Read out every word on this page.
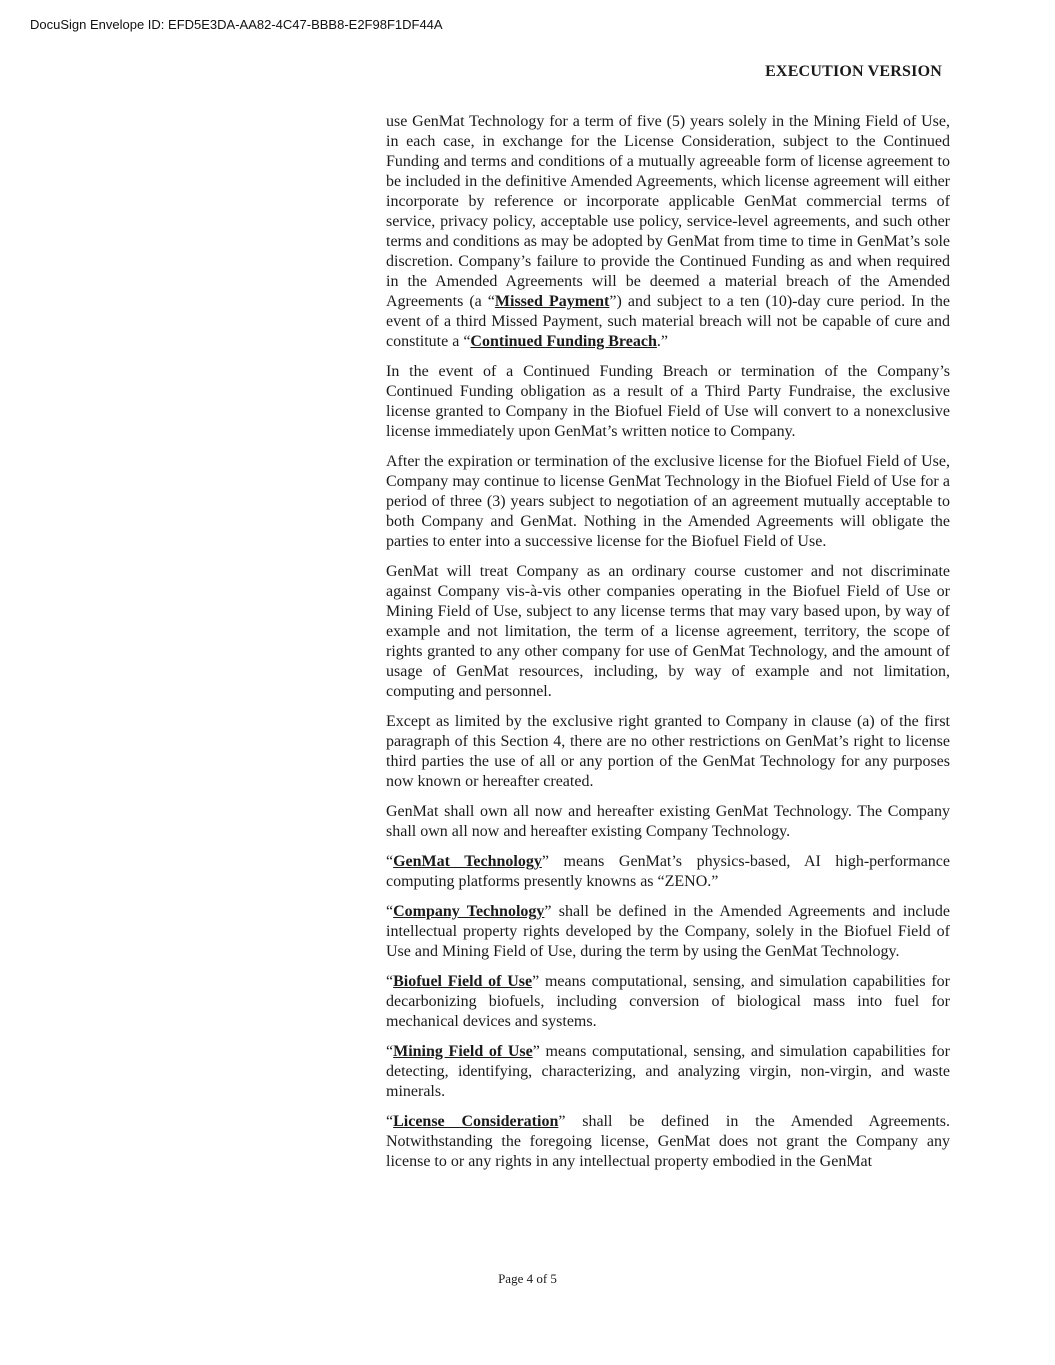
DocuSign Envelope ID: EFD5E3DA-AA82-4C47-BBB8-E2F98F1DF44A

EXECUTION VERSION

use GenMat Technology for a term of five (5) years solely in the Mining Field of Use, in each case, in exchange for the License Consideration, subject to the Continued Funding and terms and conditions of a mutually agreeable form of license agreement to be included in the definitive Amended Agreements, which license agreement will either incorporate by reference or incorporate applicable GenMat commercial terms of service, privacy policy, acceptable use policy, service-level agreements, and such other terms and conditions as may be adopted by GenMat from time to time in GenMat’s sole discretion. Company’s failure to provide the Continued Funding as and when required in the Amended Agreements will be deemed a material breach of the Amended Agreements (a “Missed Payment”) and subject to a ten (10)-day cure period. In the event of a third Missed Payment, such material breach will not be capable of cure and constitute a “Continued Funding Breach.”

In the event of a Continued Funding Breach or termination of the Company’s Continued Funding obligation as a result of a Third Party Fundraise, the exclusive license granted to Company in the Biofuel Field of Use will convert to a nonexclusive license immediately upon GenMat’s written notice to Company.

After the expiration or termination of the exclusive license for the Biofuel Field of Use, Company may continue to license GenMat Technology in the Biofuel Field of Use for a period of three (3) years subject to negotiation of an agreement mutually acceptable to both Company and GenMat. Nothing in the Amended Agreements will obligate the parties to enter into a successive license for the Biofuel Field of Use.

GenMat will treat Company as an ordinary course customer and not discriminate against Company vis-à-vis other companies operating in the Biofuel Field of Use or Mining Field of Use, subject to any license terms that may vary based upon, by way of example and not limitation, the term of a license agreement, territory, the scope of rights granted to any other company for use of GenMat Technology, and the amount of usage of GenMat resources, including, by way of example and not limitation, computing and personnel.

Except as limited by the exclusive right granted to Company in clause (a) of the first paragraph of this Section 4, there are no other restrictions on GenMat’s right to license third parties the use of all or any portion of the GenMat Technology for any purposes now known or hereafter created.

GenMat shall own all now and hereafter existing GenMat Technology. The Company shall own all now and hereafter existing Company Technology.

“GenMat Technology” means GenMat’s physics-based, AI high-performance computing platforms presently knowns as “ZENO.”

“Company Technology” shall be defined in the Amended Agreements and include intellectual property rights developed by the Company, solely in the Biofuel Field of Use and Mining Field of Use, during the term by using the GenMat Technology.

“Biofuel Field of Use” means computational, sensing, and simulation capabilities for decarbonizing biofuels, including conversion of biological mass into fuel for mechanical devices and systems.

“Mining Field of Use” means computational, sensing, and simulation capabilities for detecting, identifying, characterizing, and analyzing virgin, non-virgin, and waste minerals.

“License Consideration” shall be defined in the Amended Agreements. Notwithstanding the foregoing license, GenMat does not grant the Company any license to or any rights in any intellectual property embodied in the GenMat

Page 4 of 5
